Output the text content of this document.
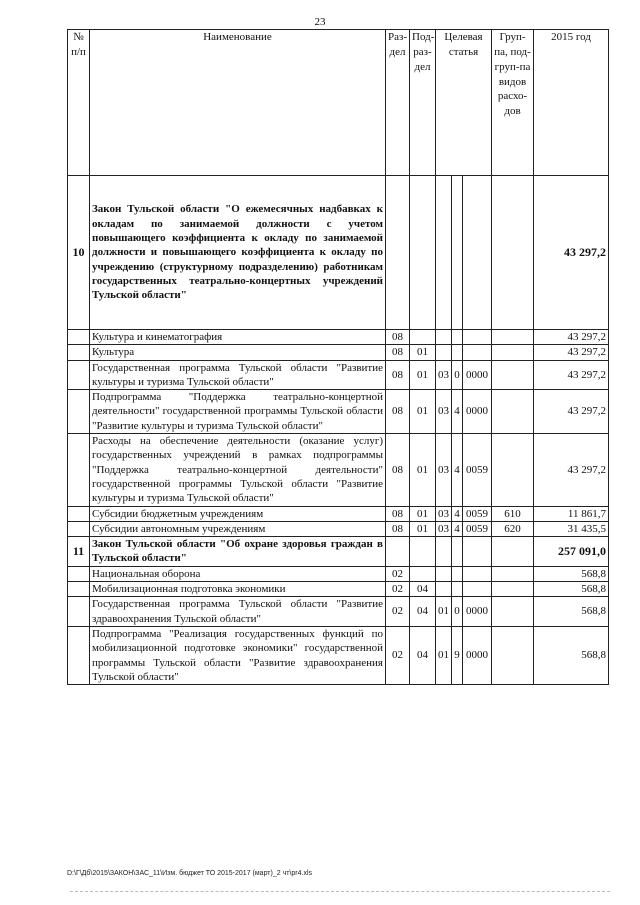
23
№ п/п	Наименование	Раз-дел	Под-раз-дел	Целевая статья			Груп-па, под-груп-па видов расхо-дов	2015 год
10	Закон Тульской области "О ежемесячных надбавках к окладам по занимаемой должности с учетом повышающего коэффициента к окладу по занимаемой должности и повышающего коэффициента к окладу по учреждению (структурному подразделению) работникам государственных театрально-концертных учреждений Тульской области"							43 297,2
	Культура и кинематография	08						43 297,2
	Культура	08	01					43 297,2
	Государственная программа Тульской области "Развитие культуры и туризма Тульской области"	08	01	03	0	0000		43 297,2
	Подпрограмма "Поддержка театрально-концертной деятельности" государственной программы Тульской области "Развитие культуры и туризма Тульской области"	08	01	03	4	0000		43 297,2
	Расходы на обеспечение деятельности (оказание услуг) государственных учреждений в рамках подпрограммы "Поддержка театрально-концертной деятельности" государственной программы Тульской области "Развитие культуры и туризма Тульской области"	08	01	03	4	0059		43 297,2
	Субсидии бюджетным учреждениям	08	01	03	4	0059	610	11 861,7
	Субсидии автономным учреждениям	08	01	03	4	0059	620	31 435,5
11	Закон Тульской области "Об охране здоровья граждан в Тульской области"							257 091,0
	Национальная оборона	02						568,8
	Мобилизационная подготовка экономики	02	04					568,8
	Государственная программа Тульской области "Развитие здравоохранения Тульской области"	02	04	01	0	0000		568,8
	Подпрограмма "Реализация государственных функций по мобилизационной подготовке экономики" государственной программы Тульской области "Развитие здравоохранения Тульской области"	02	04	01	9	0000		568,8
D:\Г\Дб\2015\ЗАКОН\ЗАС_11\Изм. бюджет ТО 2015-2017 (март)_2 чт\pr4.xls
